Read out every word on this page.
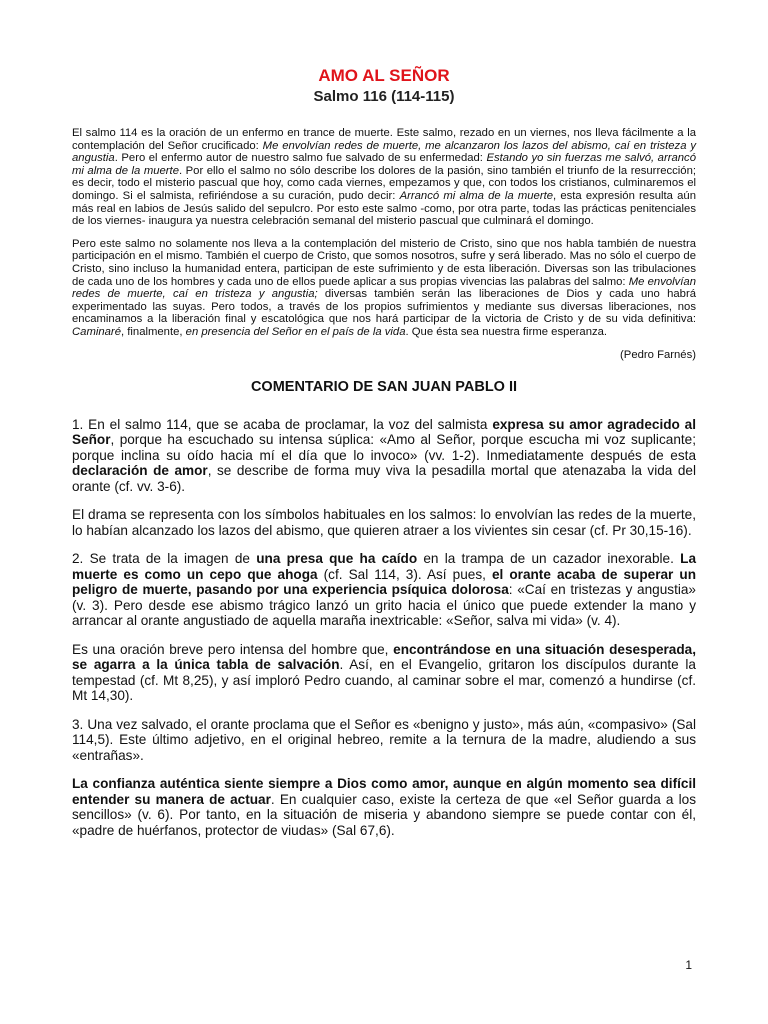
AMO AL SEÑOR
Salmo 116 (114-115)

El salmo 114 es la oración de un enfermo en trance de muerte. Este salmo, rezado en un viernes, nos lleva fácilmente a la contemplación del Señor crucificado: Me envolvían redes de muerte, me alcanzaron los lazos del abismo, caí en tristeza y angustia. Pero el enfermo autor de nuestro salmo fue salvado de su enfermedad: Estando yo sin fuerzas me salvó, arrancó mi alma de la muerte. Por ello el salmo no sólo describe los dolores de la pasión, sino también el triunfo de la resurrección; es decir, todo el misterio pascual que hoy, como cada viernes, empezamos y que, con todos los cristianos, culminaremos el domingo. Si el salmista, refiriéndose a su curación, pudo decir: Arrancó mi alma de la muerte, esta expresión resulta aún más real en labios de Jesús salido del sepulcro. Por esto este salmo -como, por otra parte, todas las prácticas penitenciales de los viernes- inaugura ya nuestra celebración semanal del misterio pascual que culminará el domingo.

Pero este salmo no solamente nos lleva a la contemplación del misterio de Cristo, sino que nos habla también de nuestra participación en el mismo. También el cuerpo de Cristo, que somos nosotros, sufre y será liberado. Mas no sólo el cuerpo de Cristo, sino incluso la humanidad entera, participan de este sufrimiento y de esta liberación. Diversas son las tribulaciones de cada uno de los hombres y cada uno de ellos puede aplicar a sus propias vivencias las palabras del salmo: Me envolvían redes de muerte, caí en tristeza y angustia; diversas también serán las liberaciones de Dios y cada uno habrá experimentado las suyas. Pero todos, a través de los propios sufrimientos y mediante sus diversas liberaciones, nos encaminamos a la liberación final y escatológica que nos hará participar de la victoria de Cristo y de su vida definitiva: Caminaré, finalmente, en presencia del Señor en el país de la vida. Que ésta sea nuestra firme esperanza.

(Pedro Farnés)
COMENTARIO DE SAN JUAN PABLO II

1. En el salmo 114, que se acaba de proclamar, la voz del salmista expresa su amor agradecido al Señor, porque ha escuchado su intensa súplica: «Amo al Señor, porque escucha mi voz suplicante; porque inclina su oído hacia mí el día que lo invoco» (vv. 1-2). Inmediatamente después de esta declaración de amor, se describe de forma muy viva la pesadilla mortal que atenazaba la vida del orante (cf. vv. 3-6).

El drama se representa con los símbolos habituales en los salmos: lo envolvían las redes de la muerte, lo habían alcanzado los lazos del abismo, que quieren atraer a los vivientes sin cesar (cf. Pr 30,15-16).

2. Se trata de la imagen de una presa que ha caído en la trampa de un cazador inexorable. La muerte es como un cepo que ahoga (cf. Sal 114, 3). Así pues, el orante acaba de superar un peligro de muerte, pasando por una experiencia psíquica dolorosa: «Caí en tristezas y angustia» (v. 3). Pero desde ese abismo trágico lanzó un grito hacia el único que puede extender la mano y arrancar al orante angustiado de aquella maraña inextricable: «Señor, salva mi vida» (v. 4).

Es una oración breve pero intensa del hombre que, encontrándose en una situación desesperada, se agarra a la única tabla de salvación. Así, en el Evangelio, gritaron los discípulos durante la tempestad (cf. Mt 8,25), y así imploró Pedro cuando, al caminar sobre el mar, comenzó a hundirse (cf. Mt 14,30).

3. Una vez salvado, el orante proclama que el Señor es «benigno y justo», más aún, «compasivo» (Sal 114,5). Este último adjetivo, en el original hebreo, remite a la ternura de la madre, aludiendo a sus «entrañas».

La confianza auténtica siente siempre a Dios como amor, aunque en algún momento sea difícil entender su manera de actuar. En cualquier caso, existe la certeza de que «el Señor guarda a los sencillos» (v. 6). Por tanto, en la situación de miseria y abandono siempre se puede contar con él, «padre de huérfanos, protector de viudas» (Sal 67,6).

1
